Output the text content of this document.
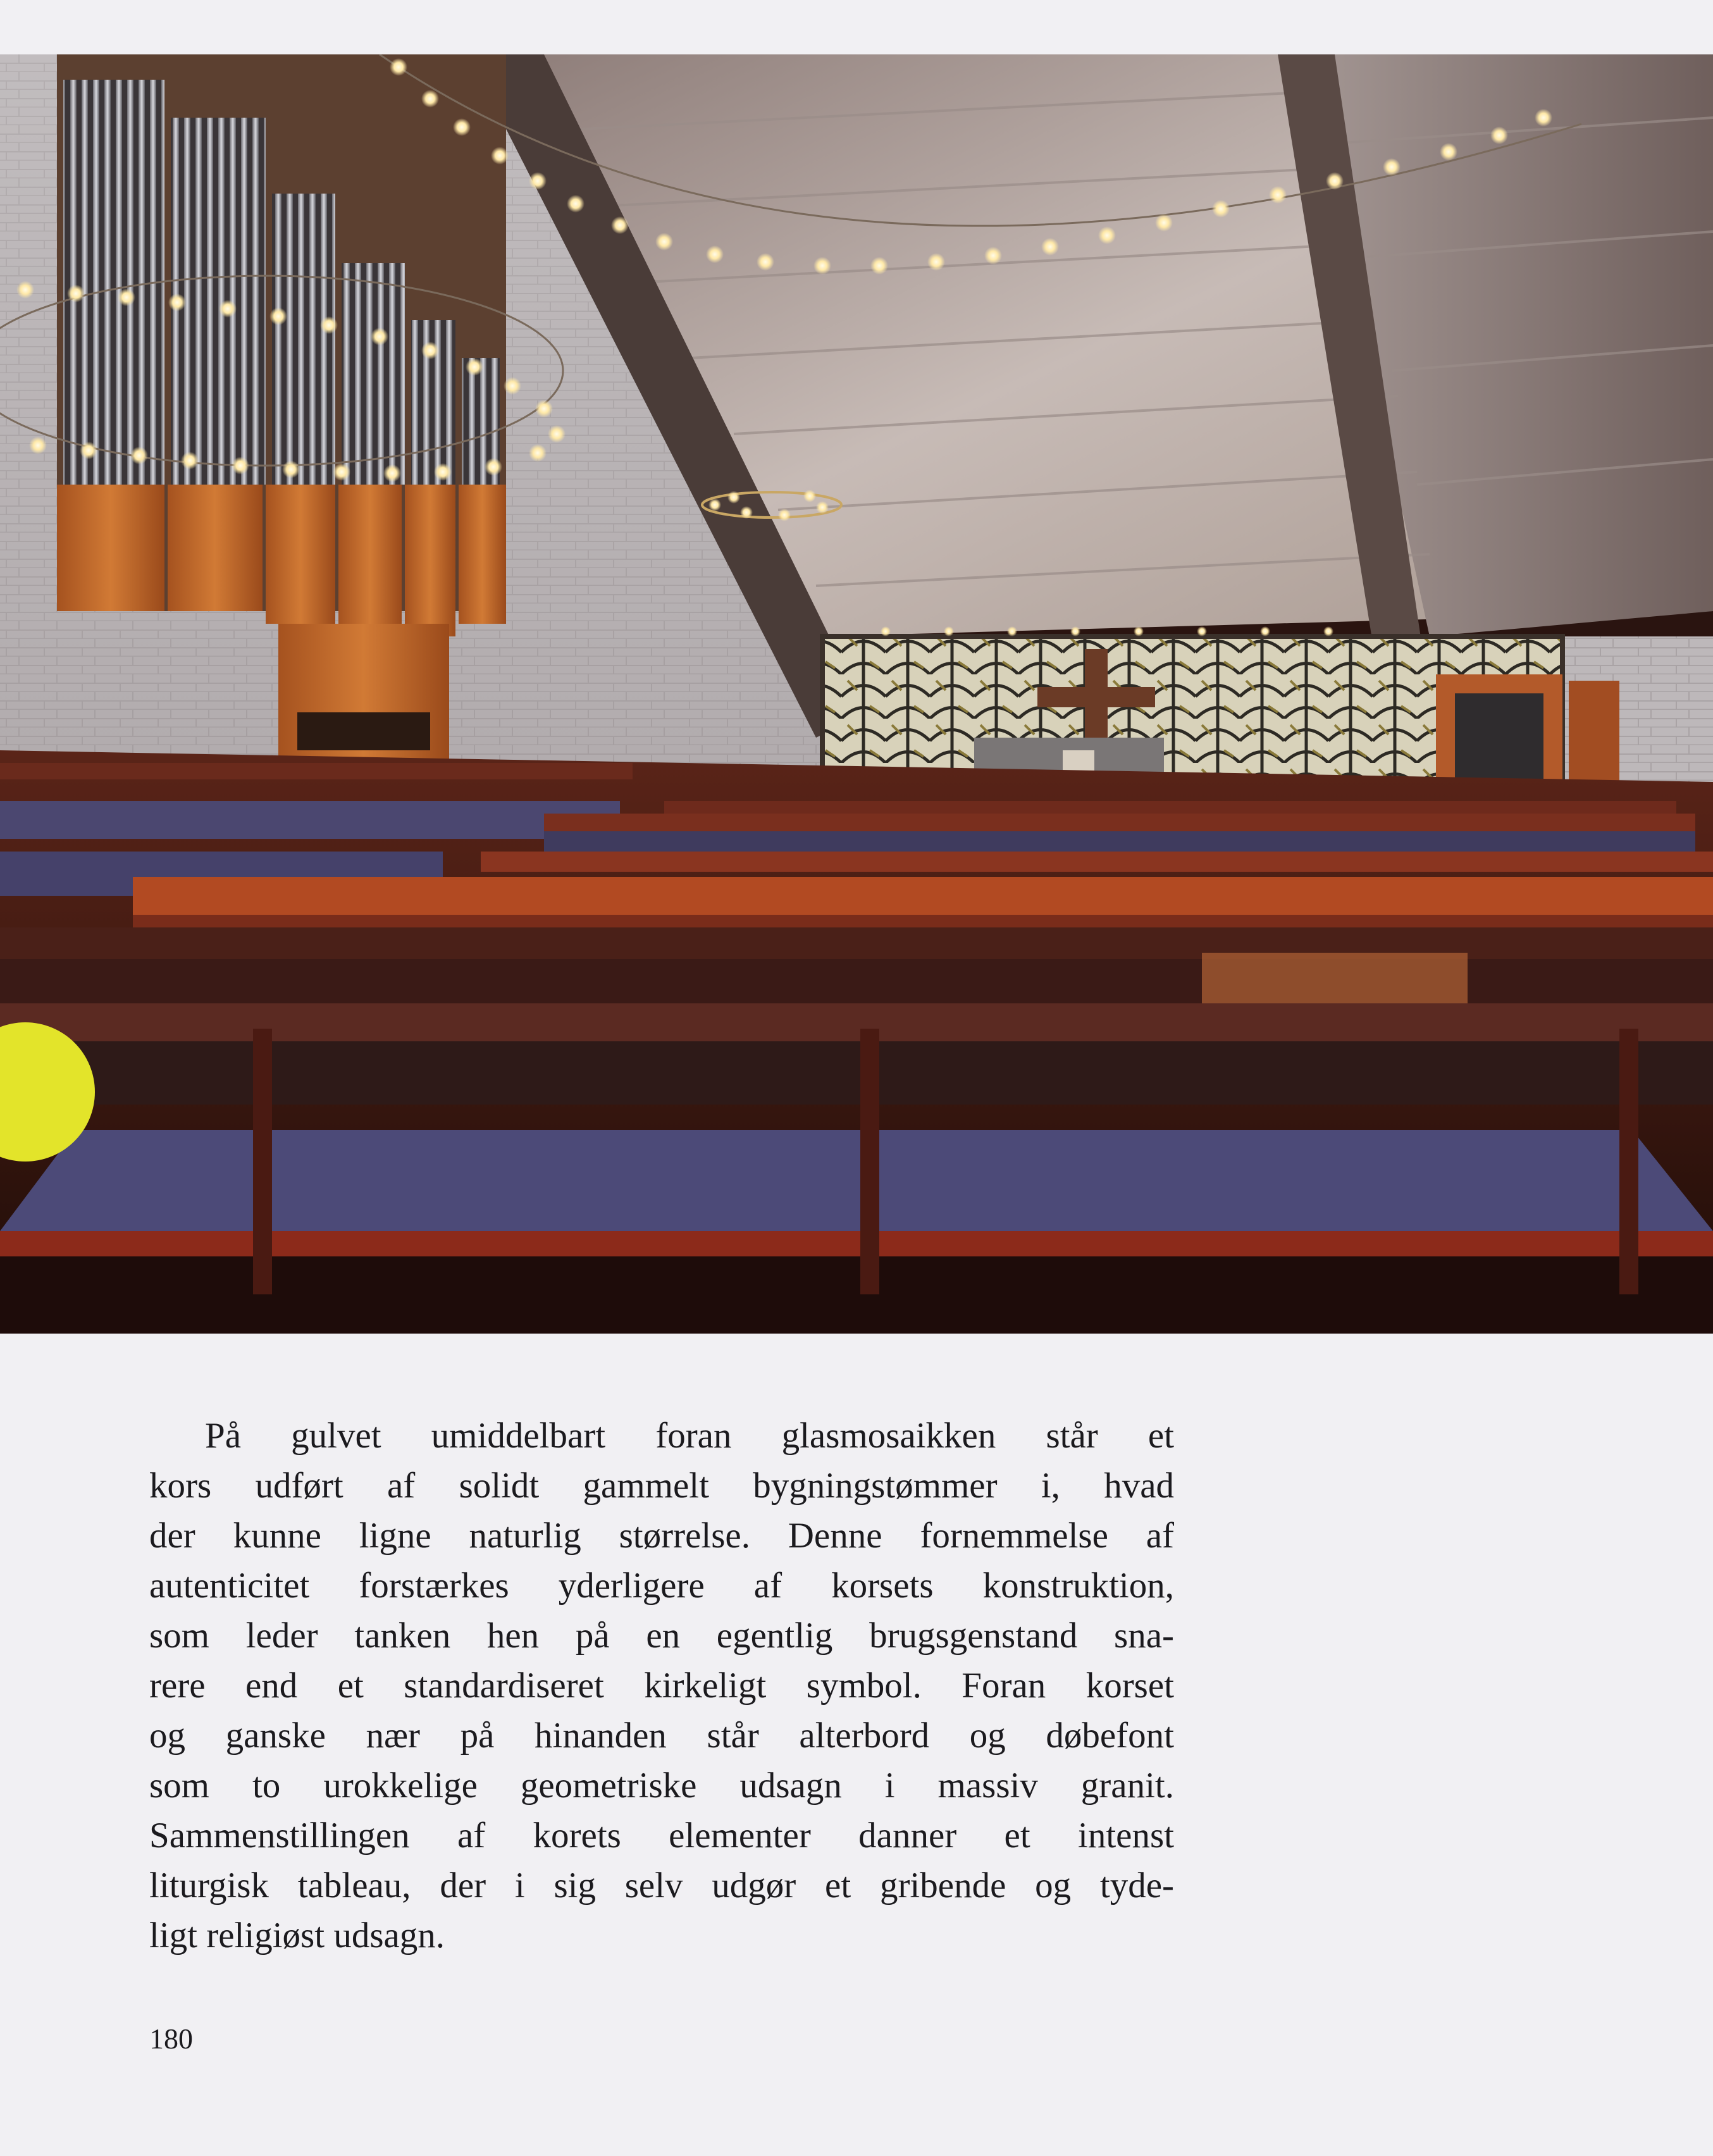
På gulvet umiddelbart foran glasmosaikken står et
kors udført af solidt gammelt bygningstømmer i, hvad
der kunne ligne naturlig størrelse. Denne fornemmelse af
autenticitet forstærkes yderligere af korsets konstruktion,
som leder tanken hen på en egentlig brugsgenstand sna-
rere end et standardiseret kirkeligt symbol. Foran korset
og ganske nær på hinanden står alterbord og døbefont
som to urokkelige geometriske udsagn i massiv granit.
Sammenstillingen af korets elementer danner et intenst
liturgisk tableau, der i sig selv udgør et gribende og tyde-
ligt religiøst udsagn.

180
